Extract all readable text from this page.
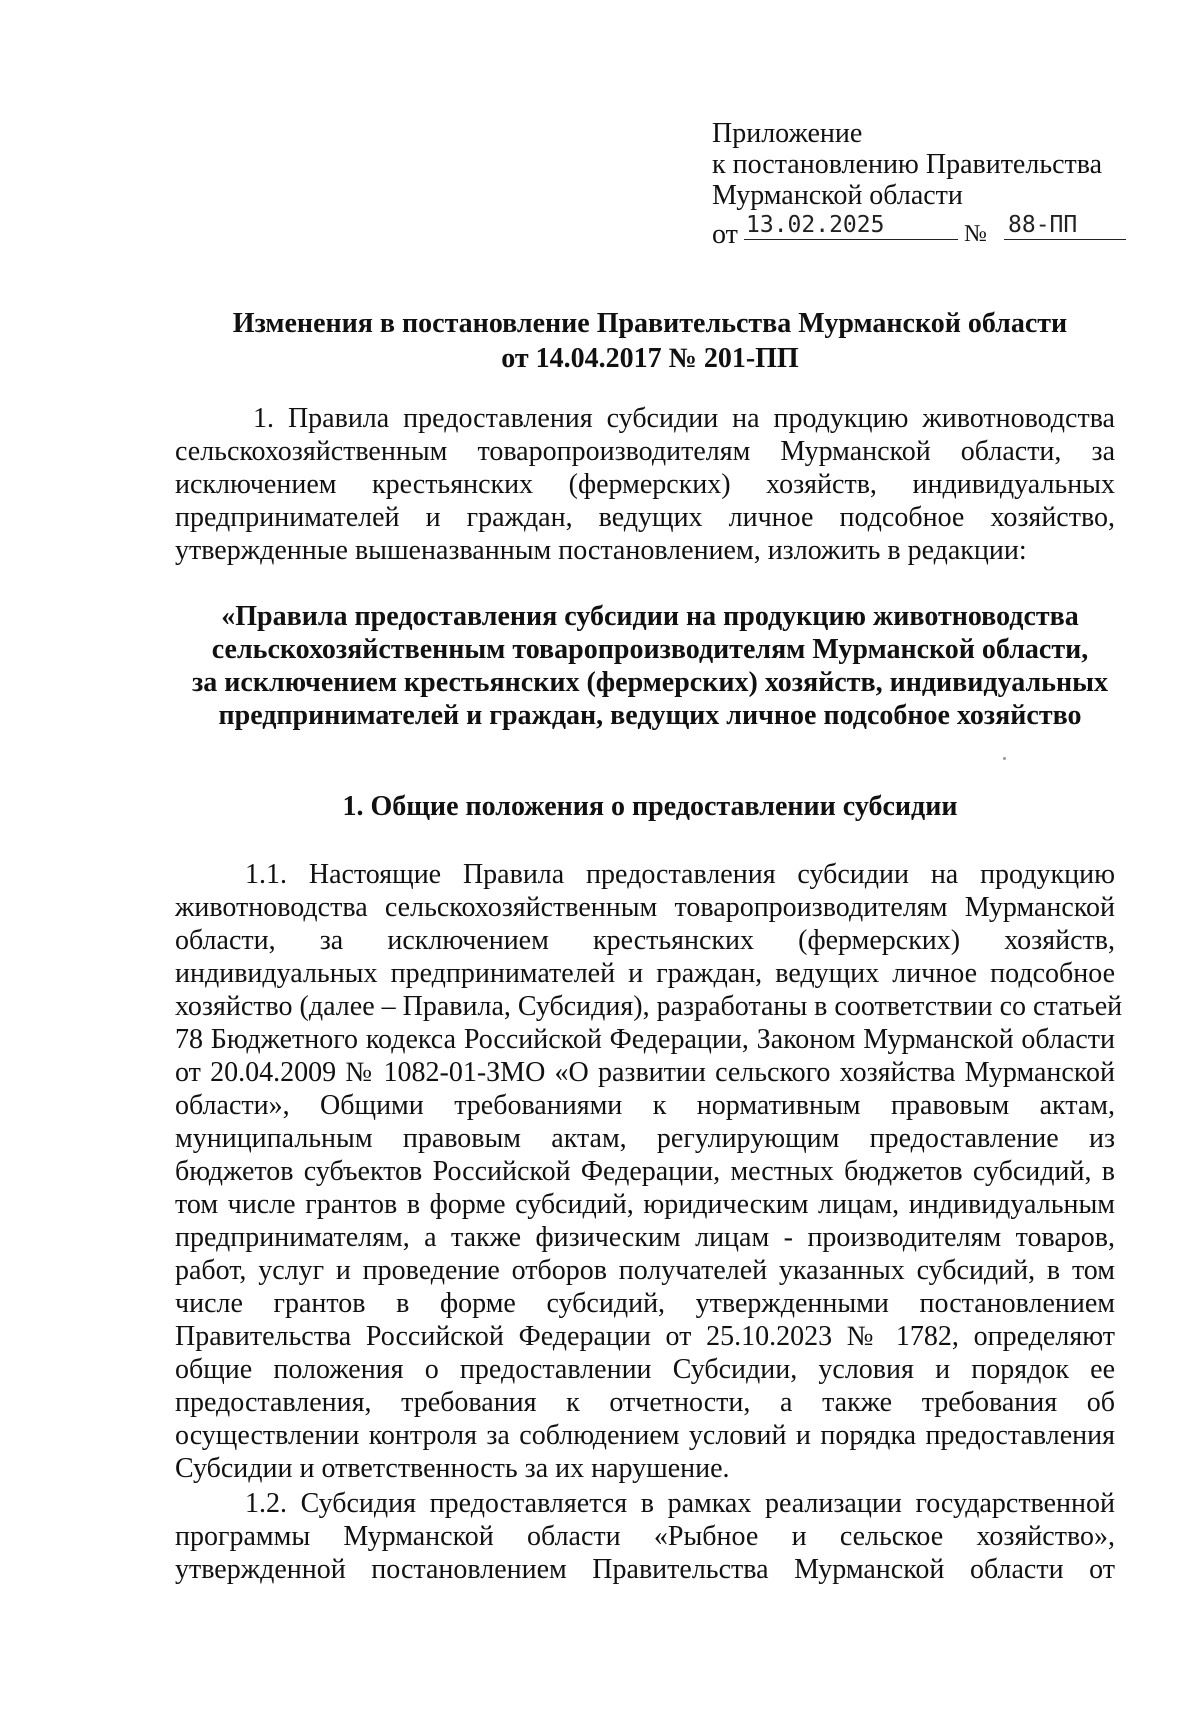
Приложение
к постановлению Правительства
Мурманской области
от 13.02.2025	№ 88-ПП
Изменения в постановление Правительства Мурманской области
от 14.04.2017 № 201-ПП
1. Правила предоставления субсидии на продукцию животноводства
сельскохозяйственным товаропроизводителям Мурманской области, за
исключением крестьянских (фермерских) хозяйств, индивидуальных
предпринимателей и граждан, ведущих личное подсобное хозяйство,
утвержденные вышеназванным постановлением, изложить в редакции:
«Правила предоставления субсидии на продукцию животноводства
сельскохозяйственным товаропроизводителям Мурманской области,
за исключением крестьянских (фермерских) хозяйств, индивидуальных
предпринимателей и граждан, ведущих личное подсобное хозяйство
1. Общие положения о предоставлении субсидии
1.1. Настоящие Правила предоставления субсидии на продукцию
животноводства сельскохозяйственным товаропроизводителям Мурманской
области, за исключением крестьянских (фермерских) хозяйств,
индивидуальных предпринимателей и граждан, ведущих личное подсобное
хозяйство (далее – Правила, Субсидия), разработаны в соответствии со статьей
78 Бюджетного кодекса Российской Федерации, Законом Мурманской области
от 20.04.2009 № 1082-01-ЗМО «О развитии сельского хозяйства Мурманской
области», Общими требованиями к нормативным правовым актам,
муниципальным правовым актам, регулирующим предоставление из
бюджетов субъектов Российской Федерации, местных бюджетов субсидий, в
том числе грантов в форме субсидий, юридическим лицам, индивидуальным
предпринимателям, а также физическим лицам - производителям товаров,
работ, услуг и проведение отборов получателей указанных субсидий, в том
числе грантов в форме субсидий, утвержденными постановлением
Правительства Российской Федерации от 25.10.2023 № 1782, определяют
общие положения о предоставлении Субсидии, условия и порядок ее
предоставления, требования к отчетности, а также требования об
осуществлении контроля за соблюдением условий и порядка предоставления
Субсидии и ответственность за их нарушение.
1.2. Субсидия предоставляется в рамках реализации государственной
программы Мурманской области «Рыбное и сельское хозяйство»,
утвержденной постановлением Правительства Мурманской области от
